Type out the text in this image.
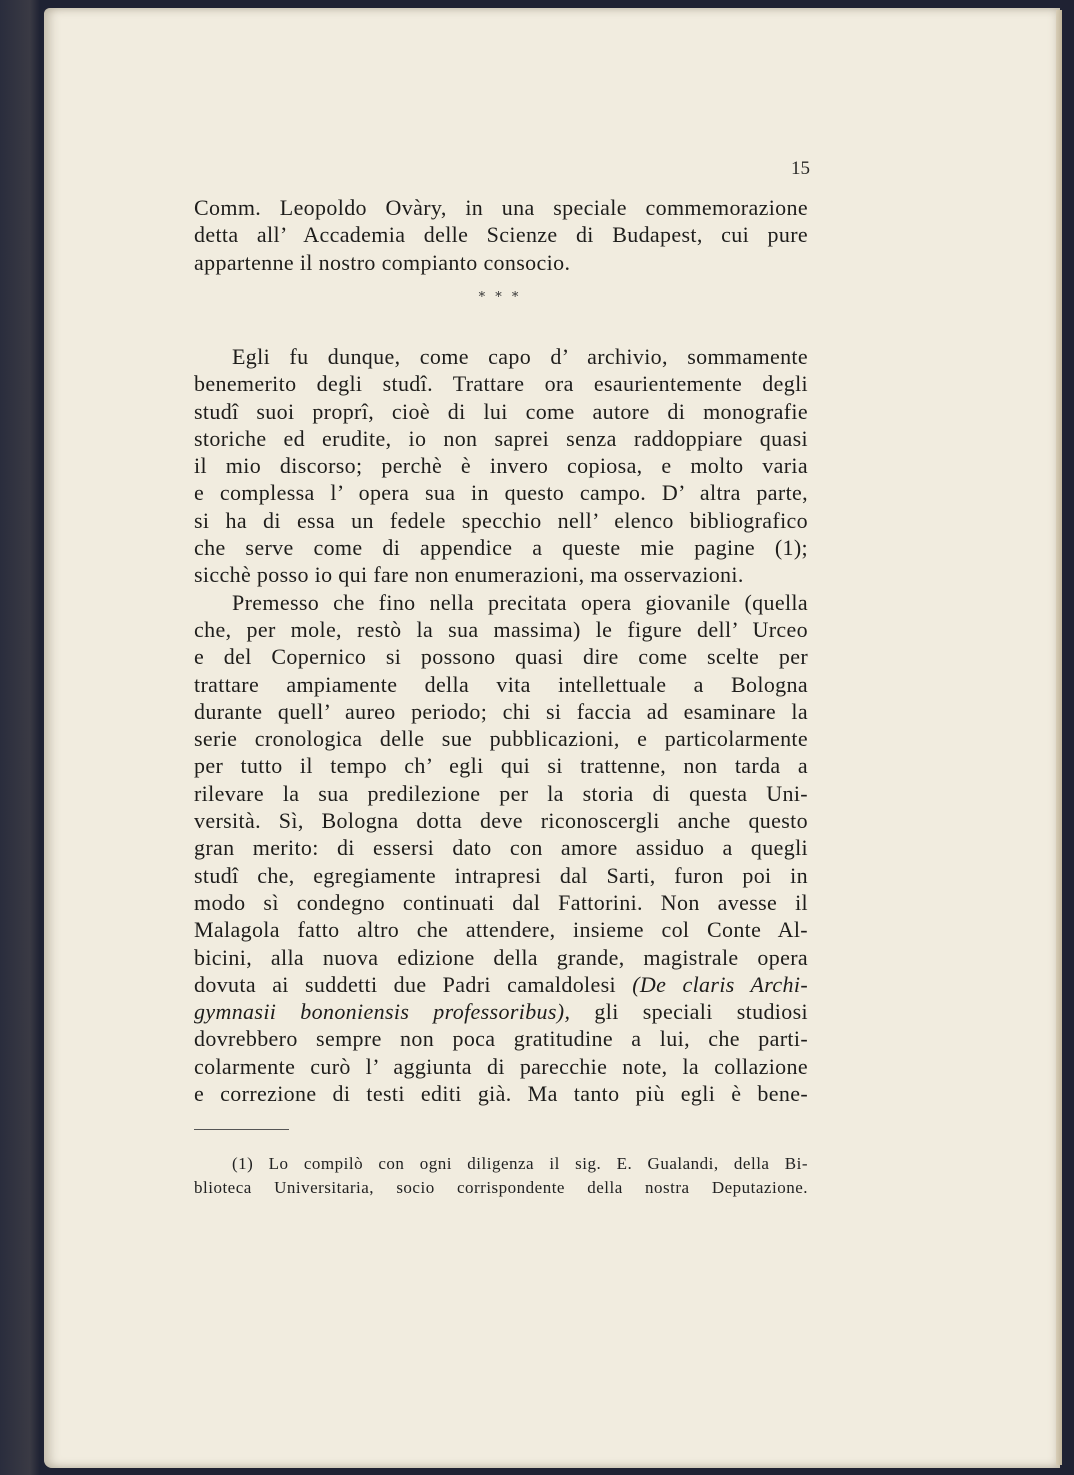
15
Comm. Leopoldo Ovàry, in una speciale commemorazione
detta all’ Accademia delle Scienze di Budapest, cui pure
appartenne il nostro compianto consocio.
* * *
Egli fu dunque, come capo d’ archivio, sommamente
benemerito degli studî. Trattare ora esaurientemente degli
studî suoi proprî, cioè di lui come autore di monografie
storiche ed erudite, io non saprei senza raddoppiare quasi
il mio discorso; perchè è invero copiosa, e molto varia
e complessa l’ opera sua in questo campo. D’ altra parte,
si ha di essa un fedele specchio nell’ elenco bibliografico
che serve come di appendice a queste mie pagine (1);
sicchè posso io qui fare non enumerazioni, ma osservazioni.
Premesso che fino nella precitata opera giovanile (quella
che, per mole, restò la sua massima) le figure dell’ Urceo
e del Copernico si possono quasi dire come scelte per
trattare ampiamente della vita intellettuale a Bologna
durante quell’ aureo periodo; chi si faccia ad esaminare la
serie cronologica delle sue pubblicazioni, e particolarmente
per tutto il tempo ch’ egli qui si trattenne, non tarda a
rilevare la sua predilezione per la storia di questa Uni-
versità. Sì, Bologna dotta deve riconoscergli anche questo
gran merito: di essersi dato con amore assiduo a quegli
studî che, egregiamente intrapresi dal Sarti, furon poi in
modo sì condegno continuati dal Fattorini. Non avesse il
Malagola fatto altro che attendere, insieme col Conte Al-
bicini, alla nuova edizione della grande, magistrale opera
dovuta ai suddetti due Padri camaldolesi (De claris Archi-
gymnasii bononiensis professoribus), gli speciali studiosi
dovrebbero sempre non poca gratitudine a lui, che parti-
colarmente curò l’ aggiunta di parecchie note, la collazione
e correzione di testi editi già. Ma tanto più egli è bene-
(1) Lo compilò con ogni diligenza il sig. E. Gualandi, della Bi-
blioteca Universitaria, socio corrispondente della nostra Deputazione.
